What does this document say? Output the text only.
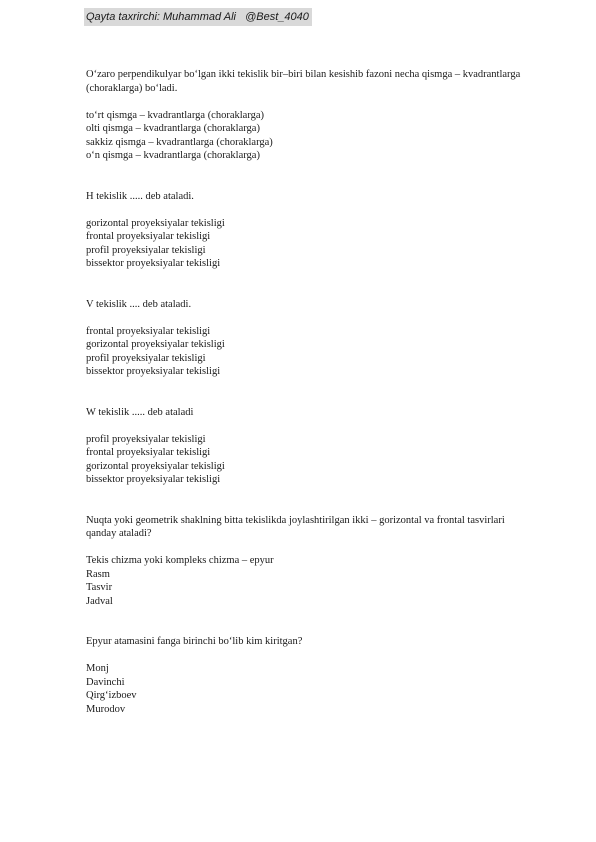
Qayta taxrirchi: Muhammad Ali   @Best_4040
O‘zaro perpendikulyar bo‘lgan ikki tekislik bir–biri bilan kesishib fazoni necha qismga – kvadrantlarga (choraklarga) bo‘ladi.
to‘rt qismga – kvadrantlarga (choraklarga)
olti qismga – kvadrantlarga (choraklarga)
sakkiz qismga – kvadrantlarga (choraklarga)
o‘n qismga – kvadrantlarga (choraklarga)
H tekislik ..... deb ataladi.
gorizontal proyeksiyalar tekisligi
frontal proyeksiyalar tekisligi
profil proyeksiyalar tekisligi
bissektor proyeksiyalar tekisligi
V tekislik .... deb ataladi.
frontal proyeksiyalar tekisligi
gorizontal proyeksiyalar tekisligi
profil proyeksiyalar tekisligi
bissektor proyeksiyalar tekisligi
W tekislik ..... deb ataladi
profil proyeksiyalar tekisligi
frontal proyeksiyalar tekisligi
gorizontal proyeksiyalar tekisligi
bissektor proyeksiyalar tekisligi
Nuqta yoki geometrik shaklning bitta tekislikda joylashtirilgan ikki – gorizontal va frontal tasvirlari qanday ataladi?
Tekis chizma yoki kompleks chizma – epyur
Rasm
Tasvir
Jadval
Epyur atamasini fanga birinchi bo‘lib kim kiritgan?
Monj
Davinchi
Qirg‘izboev
Murodov
